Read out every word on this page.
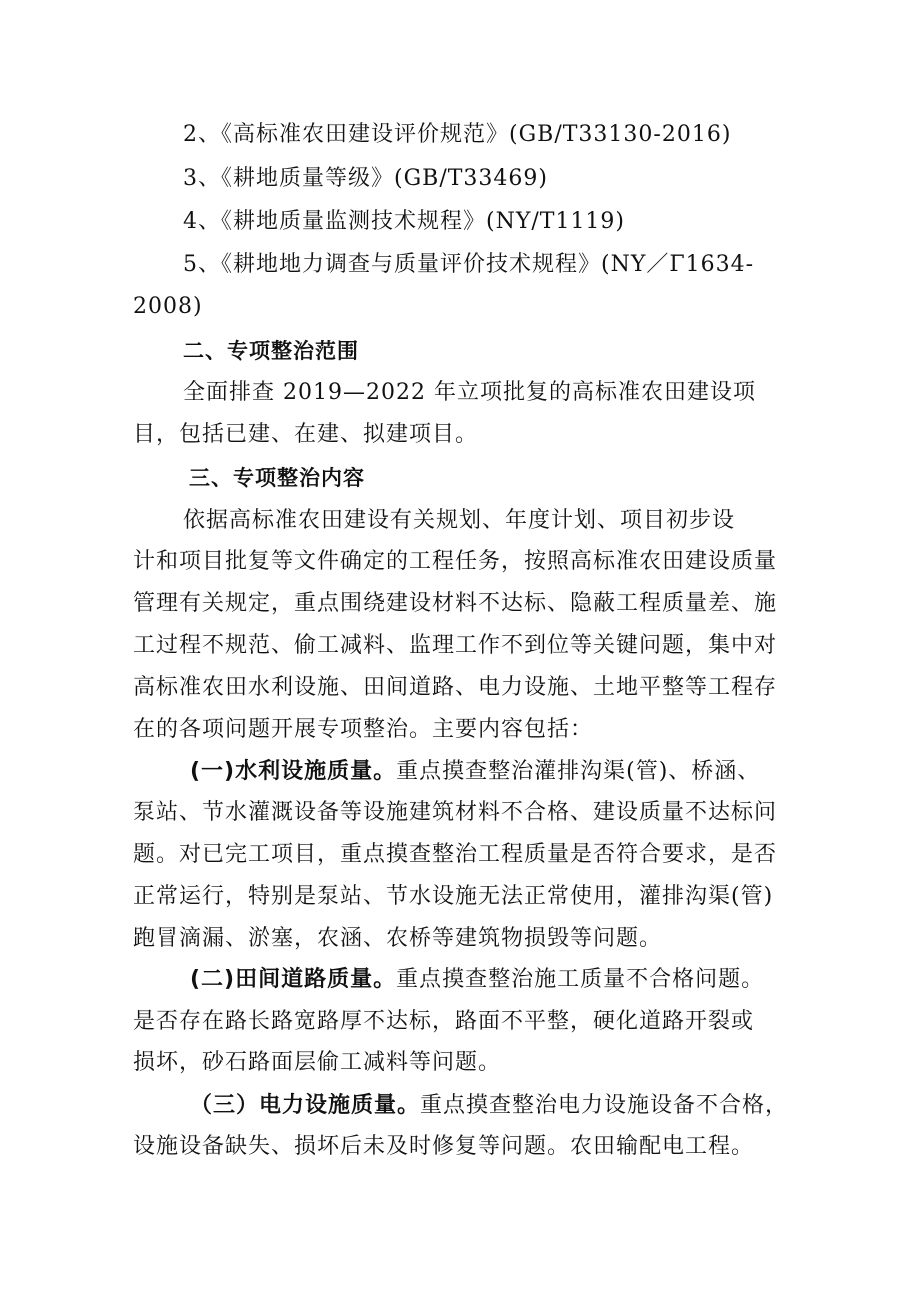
2、《高标准农田建设评价规范》(GB/T33130-2016)
3、《耕地质量等级》(GB/T33469)
4、《耕地质量监测技术规程》(NY/T1119)
5、《耕地地力调查与质量评价技术规程》(NY／Γ1634-
2008)
二、专项整治范围
全面排查 2019—2022 年立项批复的高标准农田建设项
目，包括已建、在建、拟建项目。
三、专项整治内容
依据高标准农田建设有关规划、年度计划、项目初步设
计和项目批复等文件确定的工程任务，按照高标准农田建设质量
管理有关规定，重点围绕建设材料不达标、隐蔽工程质量差、施
工过程不规范、偷工减料、监理工作不到位等关键问题，集中对
高标准农田水利设施、田间道路、电力设施、土地平整等工程存
在的各项问题开展专项整治。主要内容包括：
(一)水利设施质量。重点摸查整治灌排沟渠(管)、桥涵、
泵站、节水灌溉设备等设施建筑材料不合格、建设质量不达标问
题。对已完工项目，重点摸查整治工程质量是否符合要求，是否
正常运行，特别是泵站、节水设施无法正常使用，灌排沟渠(管)
跑冒滴漏、淤塞，农涵、农桥等建筑物损毁等问题。
(二)田间道路质量。重点摸查整治施工质量不合格问题。
是否存在路长路宽路厚不达标，路面不平整，硬化道路开裂或
损坏，砂石路面层偷工减料等问题。
（三）电力设施质量。重点摸查整治电力设施设备不合格，
设施设备缺失、损坏后未及时修复等问题。农田输配电工程。
